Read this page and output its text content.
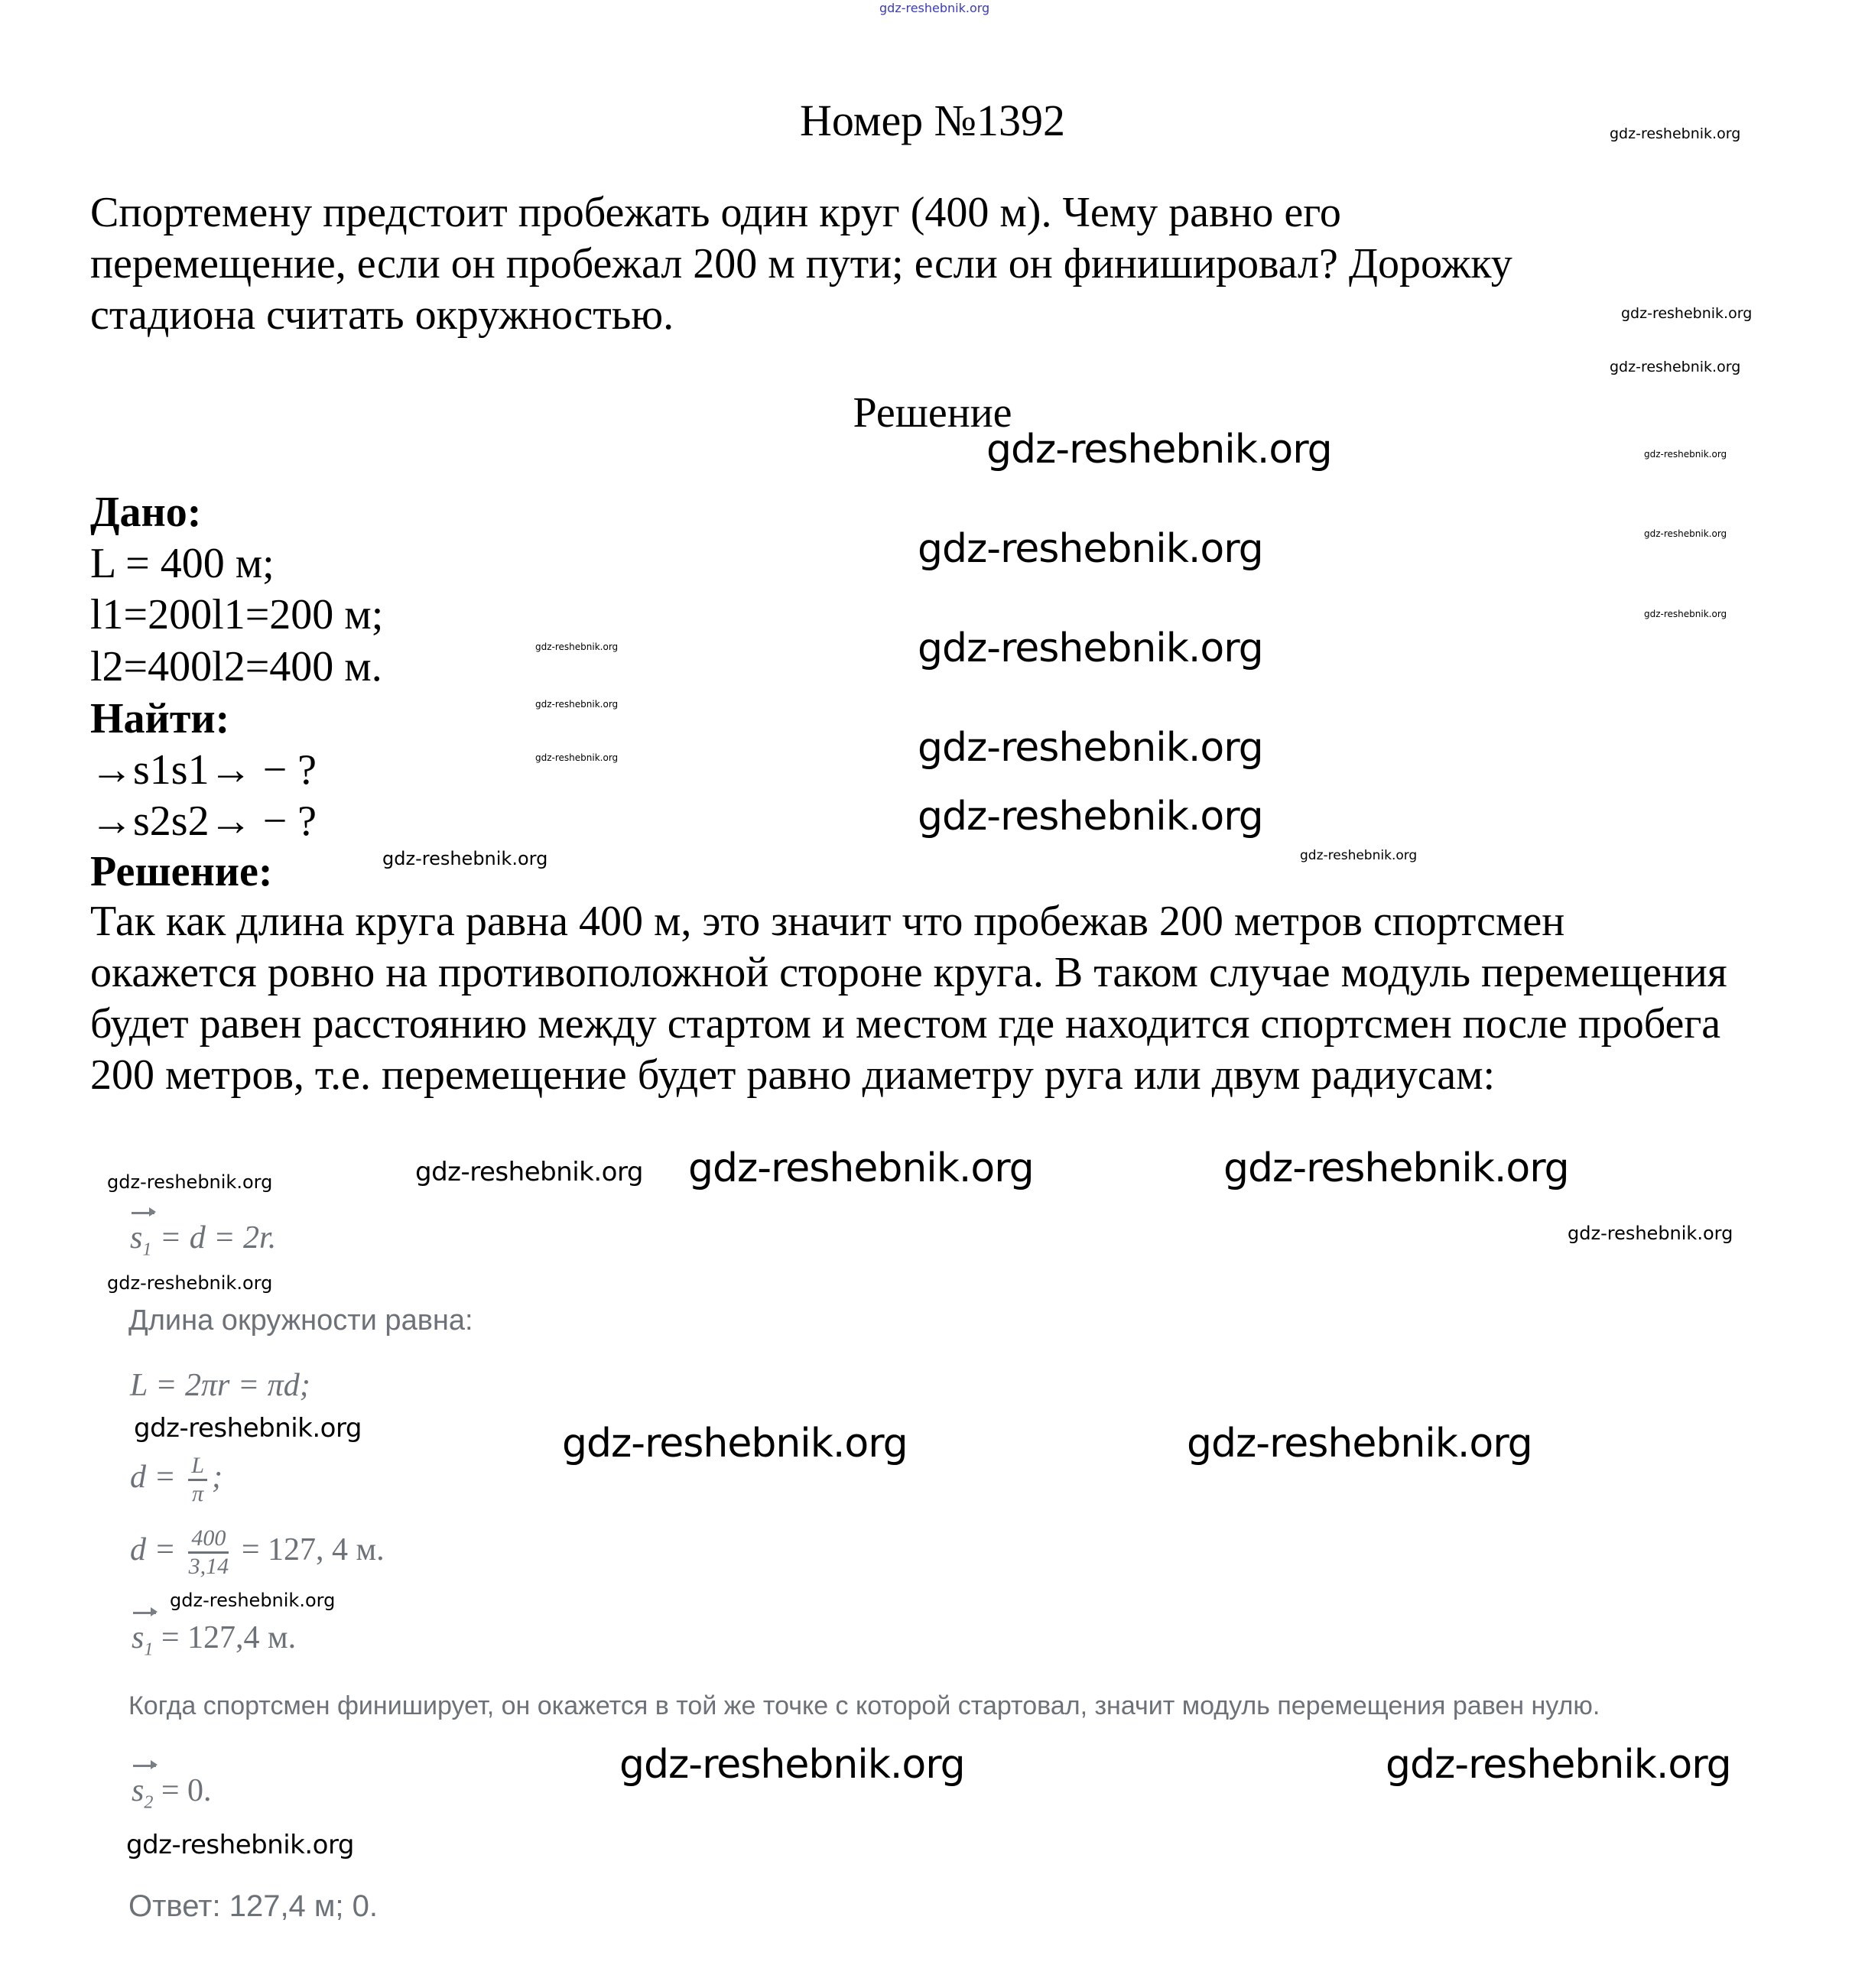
gdz-reshebnik.org
Номер №1392
Спортемену предстоит пробежать один круг (400 м). Чему равно его перемещение, если он пробежал 200 м пути; если он финишировал? Дорожку стадиона считать окружностью.
Решение
Дано:
L = 400 м;
l1=200l1=200 м;
l2=400l2=400 м.
Найти:
→s1s1→ − ?
→s2s2→ − ?
Решение:
Так как длина круга равна 400 м, это значит что пробежав 200 метров спортсмен окажется ровно на противоположной стороне круга. В таком случае модуль перемещения будет равен расстоянию между стартом и местом где находится спортсмен после пробега 200 метров, т.е. перемещение будет равно диаметру руга или двум радиусам:
$s_1 = d = 2r$.
Длина окружности равна:
L = 2πr = πd;
$d = \frac{L}{\pi}$ ;
$d = \frac{400}{3,14} = 127$, 4 м.
$s_1 = 127,4$ м.
Когда спортсмен финиширует, он окажется в той же точке с которой стартовал, значит модуль перемещения равен нулю.
$s_2 = 0$.
Ответ: 127,4 м; 0.
gdz-reshebnik.org
gdz-reshebnik.org
gdz-reshebnik.org
gdz-reshebnik.org
gdz-reshebnik.org
gdz-reshebnik.org
gdz-reshebnik.org
gdz-reshebnik.org
gdz-reshebnik.org
gdz-reshebnik.org
gdz-reshebnik.org
gdz-reshebnik.org
gdz-reshebnik.org
gdz-reshebnik.org
gdz-reshebnik.org
gdz-reshebnik.org	gdz-reshebnik.org
gdz-reshebnik.org
gdz-reshebnik.org
gdz-reshebnik.org
gdz-reshebnik.org
gdz-reshebnik.org
gdz-reshebnik.org	gdz-reshebnik.org	gdz-reshebnik.org
gdz-reshebnik.org
gdz-reshebnik.org	gdz-reshebnik.org
gdz-reshebnik.org
